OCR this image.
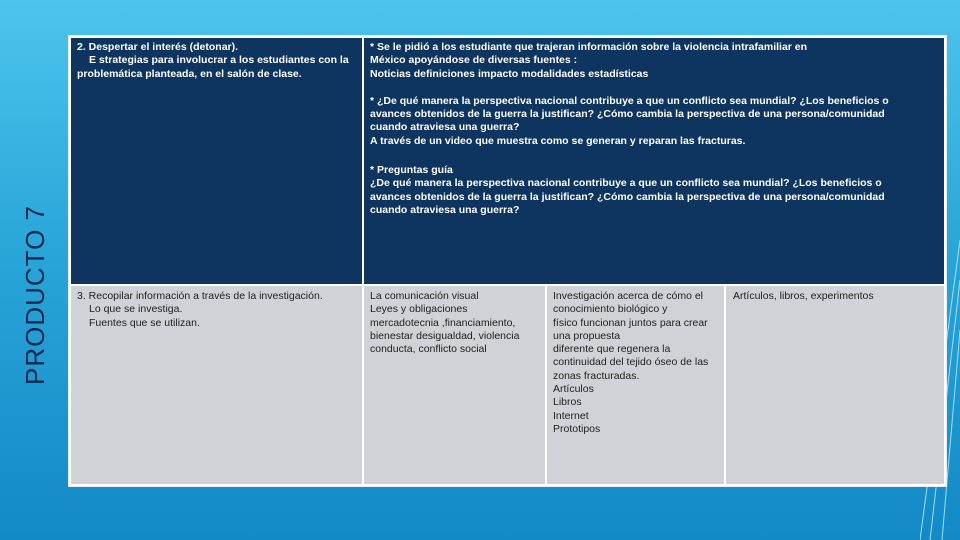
PRODUCTO 7

2. Despertar el interés (detonar).

E strategias para involucrar a los estudiantes con la problemática planteada, en el salón de clase.

* Se le pidió a los estudiante que trajeran información sobre la violencia intrafamiliar en

México apoyándose de diversas fuentes :

Noticias definiciones impacto modalidades estadísticas

* ¿De qué manera la perspectiva nacional contribuye a que un conflicto sea mundial? ¿Los beneficios o

avances obtenidos de la guerra la justifican? ¿Cómo cambia la perspectiva de una persona/comunidad

cuando atraviesa una guerra?

A través de un video que muestra como se generan y reparan las fracturas.

* Preguntas guía

¿De qué manera la perspectiva nacional contribuye a que un conflicto sea mundial? ¿Los beneficios o

avances obtenidos de la guerra la justifican? ¿Cómo cambia la perspectiva de una persona/comunidad

cuando atraviesa una guerra?

3. Recopilar información a través de la investigación.

Lo que se investiga.

Fuentes que se utilizan.

La comunicación visual

Leyes y obligaciones

mercadotecnia ,financiamiento,

bienestar desigualdad, violencia

conducta, conflicto social

Investigación acerca de cómo el

conocimiento biológico y

físico funcionan juntos para crear

una propuesta

diferente que regenera la

continuidad del tejido óseo de las

zonas fracturadas.

Artículos

Libros

Internet

Prototipos

Artículos, libros, experimentos
